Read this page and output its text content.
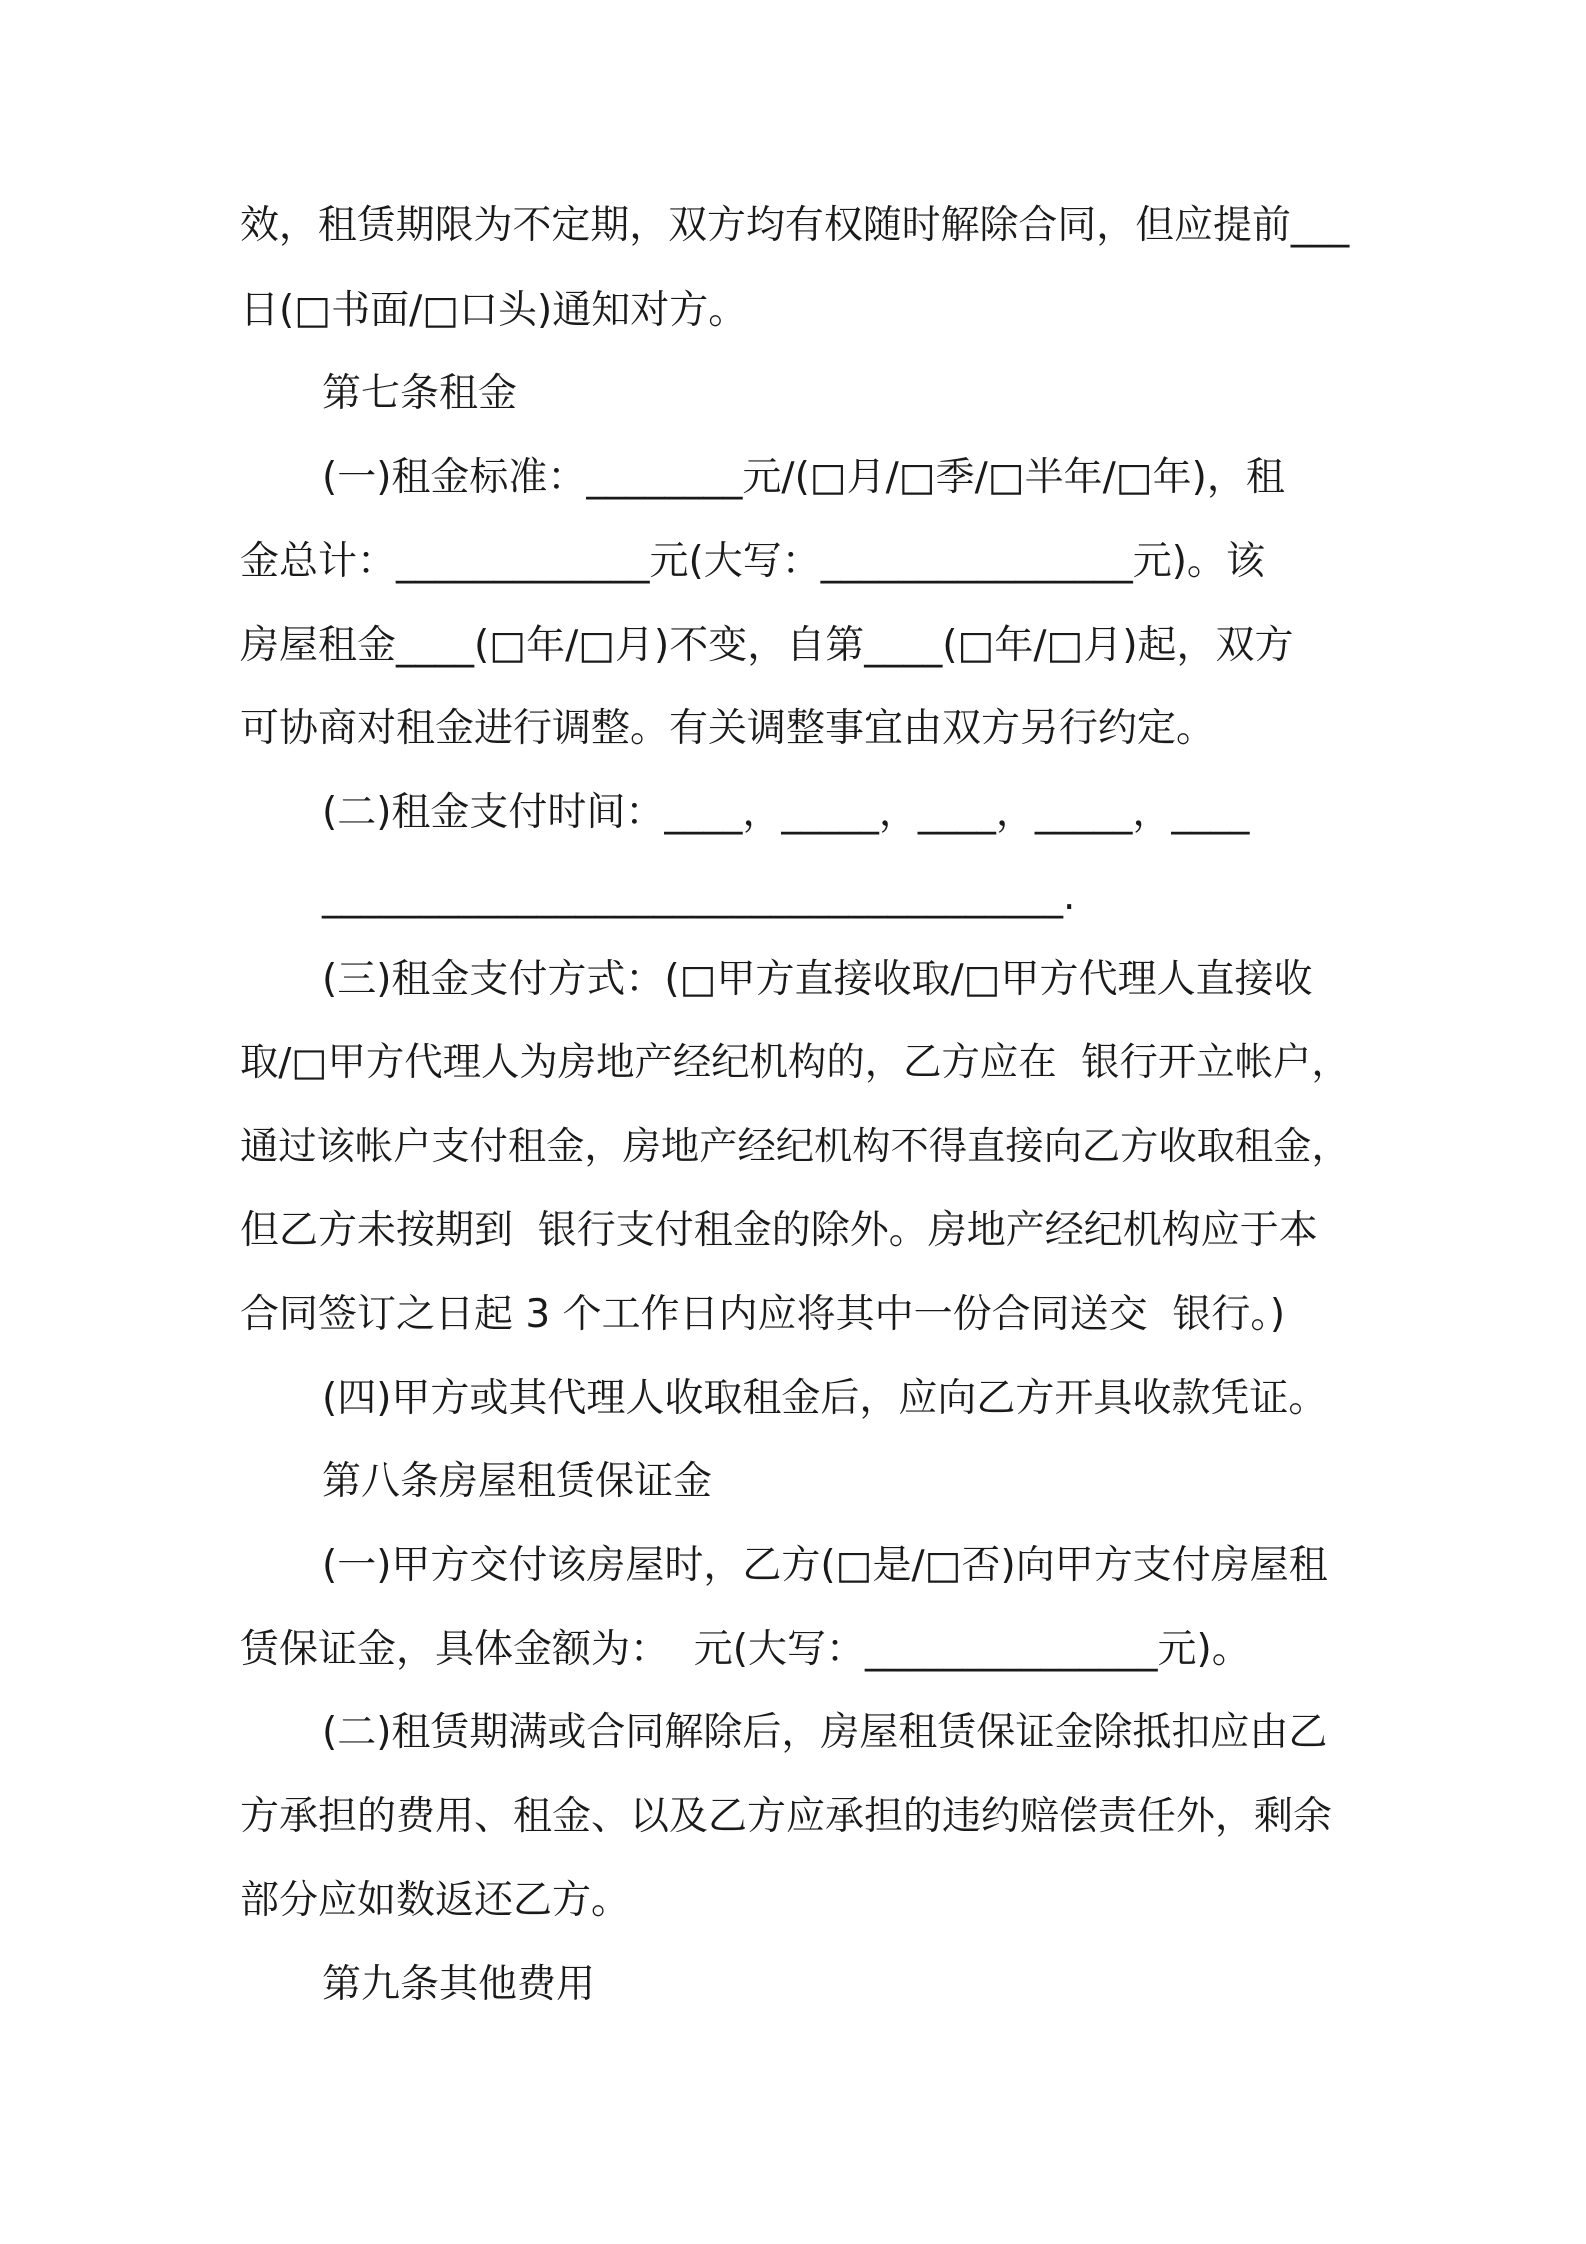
效，租赁期限为不定期，双方均有权随时解除合同，但应提前___

日(□书面/□口头)通知对方。

第七条租金

(一)租金标准：________元/(□月/□季/□半年/□年)，租

金总计：_____________元(大写：________________元)。该

房屋租金____(□年/□月)不变，自第____(□年/□月)起，双方

可协商对租金进行调整。有关调整事宜由双方另行约定。

(二)租金支付时间：____，_____，____，_____，____

______________________________________.

(三)租金支付方式：(□甲方直接收取/□甲方代理人直接收

取/□甲方代理人为房地产经纪机构的，乙方应在  银行开立帐户，

通过该帐户支付租金，房地产经纪机构不得直接向乙方收取租金，

但乙方未按期到  银行支付租金的除外。房地产经纪机构应于本

合同签订之日起 3 个工作日内应将其中一份合同送交  银行。)

(四)甲方或其代理人收取租金后，应向乙方开具收款凭证。

第八条房屋租赁保证金

(一)甲方交付该房屋时，乙方(□是/□否)向甲方支付房屋租

赁保证金，具体金额为：  元(大写：_______________元)。

(二)租赁期满或合同解除后，房屋租赁保证金除抵扣应由乙

方承担的费用、租金、以及乙方应承担的违约赔偿责任外，剩余

部分应如数返还乙方。

第九条其他费用
